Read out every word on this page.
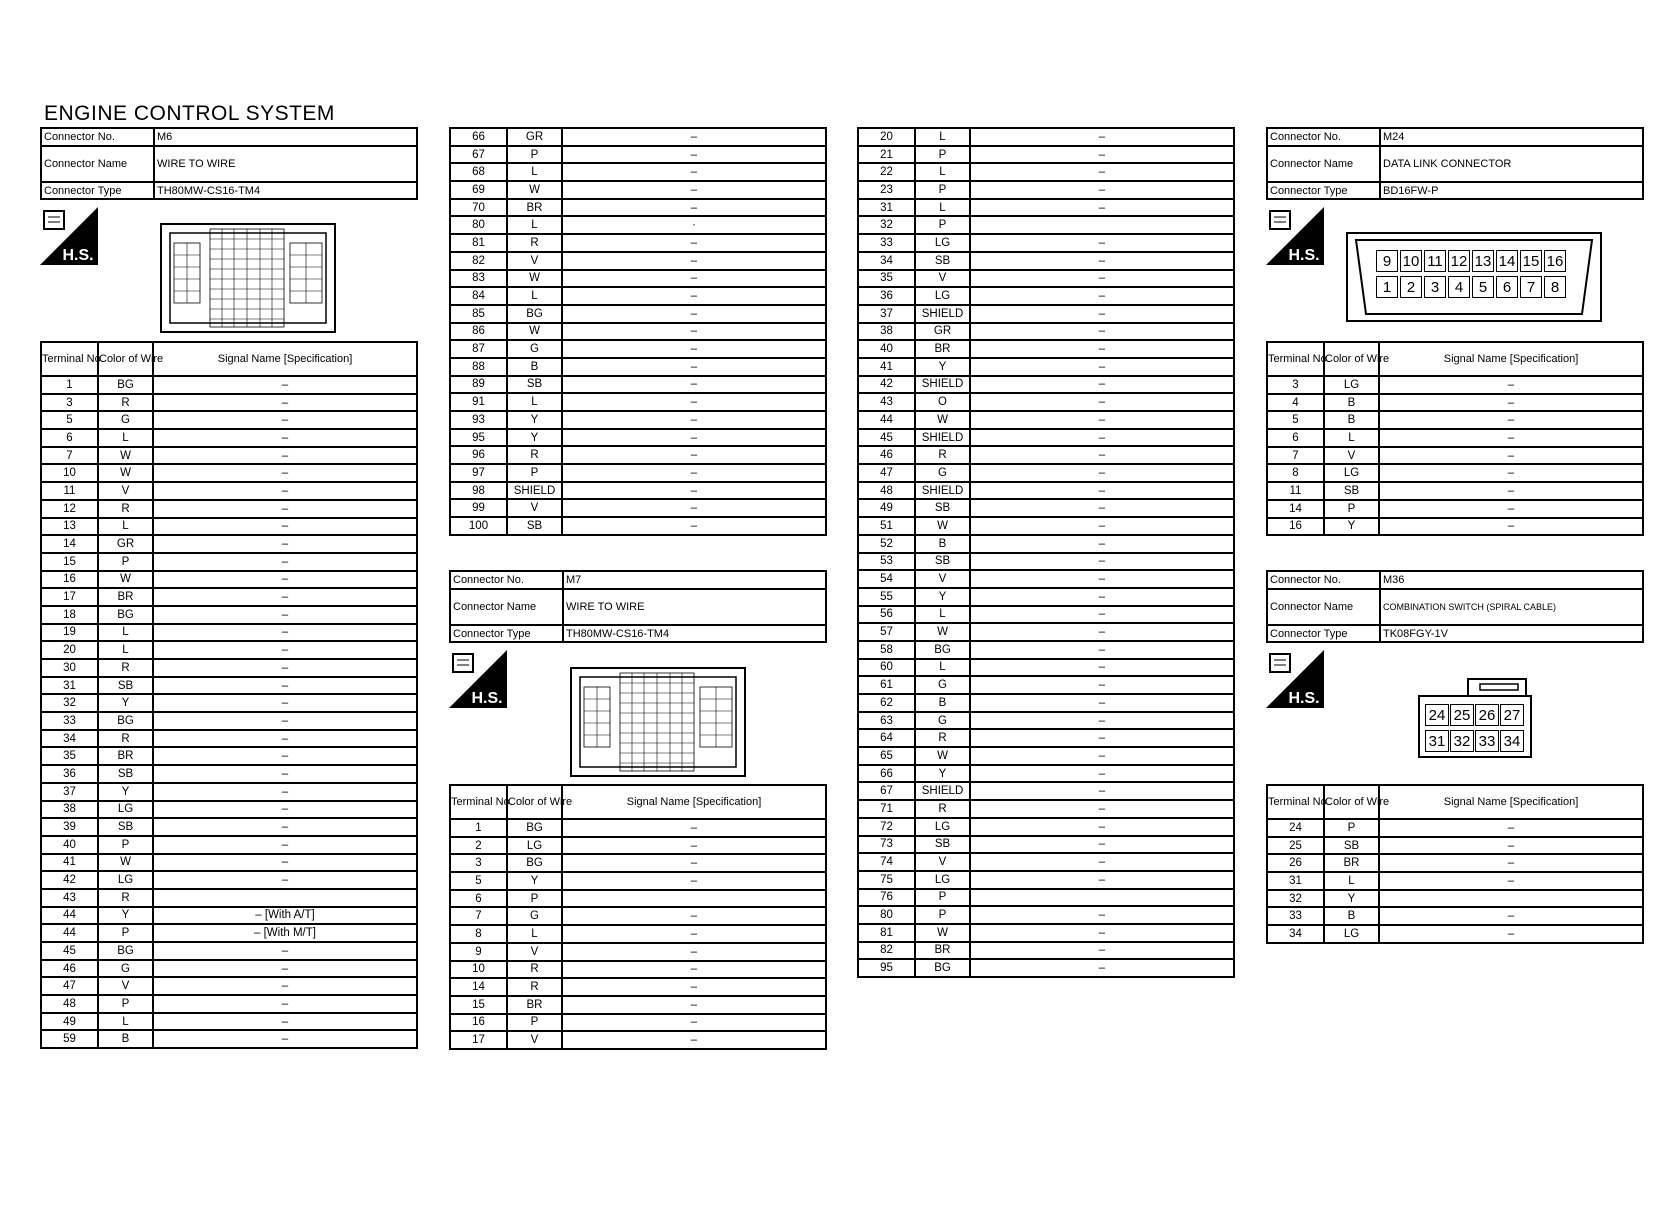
ENGINE CONTROL SYSTEM
Connector No.	M6
Connector Name	WIRE TO WIRE
Connector Type	TH80MW-CS16-TM4
H.S.
Terminal No.	Color of Wire	Signal Name [Specification]
1	BG	–
3	R	–
5	G	–
6	L	–
7	W	–
10	W	–
11	V	–
12	R	–
13	L	–
14	GR	–
15	P	–
16	W	–
17	BR	–
18	BG	–
19	L	–
20	L	–
30	R	–
31	SB	–
32	Y	–
33	BG	–
34	R	–
35	BR	–
36	SB	–
37	Y	–
38	LG	–
39	SB	–
40	P	–
41	W	–
42	LG	–
43	R	
44	Y	– [With A/T]
44	P	– [With M/T]
45	BG	–
46	G	–
47	V	–
48	P	–
49	L	–
59	B	–
66	GR	–
67	P	–
68	L	–
69	W	–
70	BR	–
80	L	·
81	R	–
82	V	–
83	W	–
84	L	–
85	BG	–
86	W	–
87	G	–
88	B	–
89	SB	–
91	L	–
93	Y	–
95	Y	–
96	R	–
97	P	–
98	SHIELD	–
99	V	–
100	SB	–
Connector No.	M7
Connector Name	WIRE TO WIRE
Connector Type	TH80MW-CS16-TM4
H.S.
Terminal No.	Color of Wire	Signal Name [Specification]
1	BG	–
2	LG	–
3	BG	–
5	Y	–
6	P	
7	G	–
8	L	–
9	V	–
10	R	–
14	R	–
15	BR	–
16	P	–
17	V	–
20	L	–
21	P	–
22	L	–
23	P	–
31	L	–
32	P	
33	LG	–
34	SB	–
35	V	–
36	LG	–
37	SHIELD	–
38	GR	–
40	BR	–
41	Y	–
42	SHIELD	–
43	O	–
44	W	–
45	SHIELD	–
46	R	–
47	G	–
48	SHIELD	–
49	SB	–
51	W	–
52	B	–
53	SB	–
54	V	–
55	Y	–
56	L	–
57	W	–
58	BG	–
60	L	–
61	G	–
62	B	–
63	G	–
64	R	–
65	W	–
66	Y	–
67	SHIELD	–
71	R	–
72	LG	–
73	SB	–
74	V	–
75	LG	–
76	P	
80	P	–
81	W	–
82	BR	–
95	BG	–
Connector No.	M24
Connector Name	DATA LINK CONNECTOR
Connector Type	BD16FW-P
H.S.	9 10 11 12 13 14 15 16
1	2	3	4	5	6	7	8
Terminal No.	Color of Wire	Signal Name [Specification]
3	LG	–
4	B	–
5	B	–
6	L	–
7	V	–
8	LG	–
11	SB	–
14	P	–
16	Y	–
Connector No.	M36
Connector Name	COMBINATION SWITCH (SPIRAL CABLE)
Connector Type	TK08FGY-1V
H.S.
24 25 26 27
31 32 33 34
Terminal No.	Color of Wire	Signal Name [Specification]
24	P	–
25	SB	–
26	BR	–
31	L	–
32	Y	
33	B	–
34	LG	–
